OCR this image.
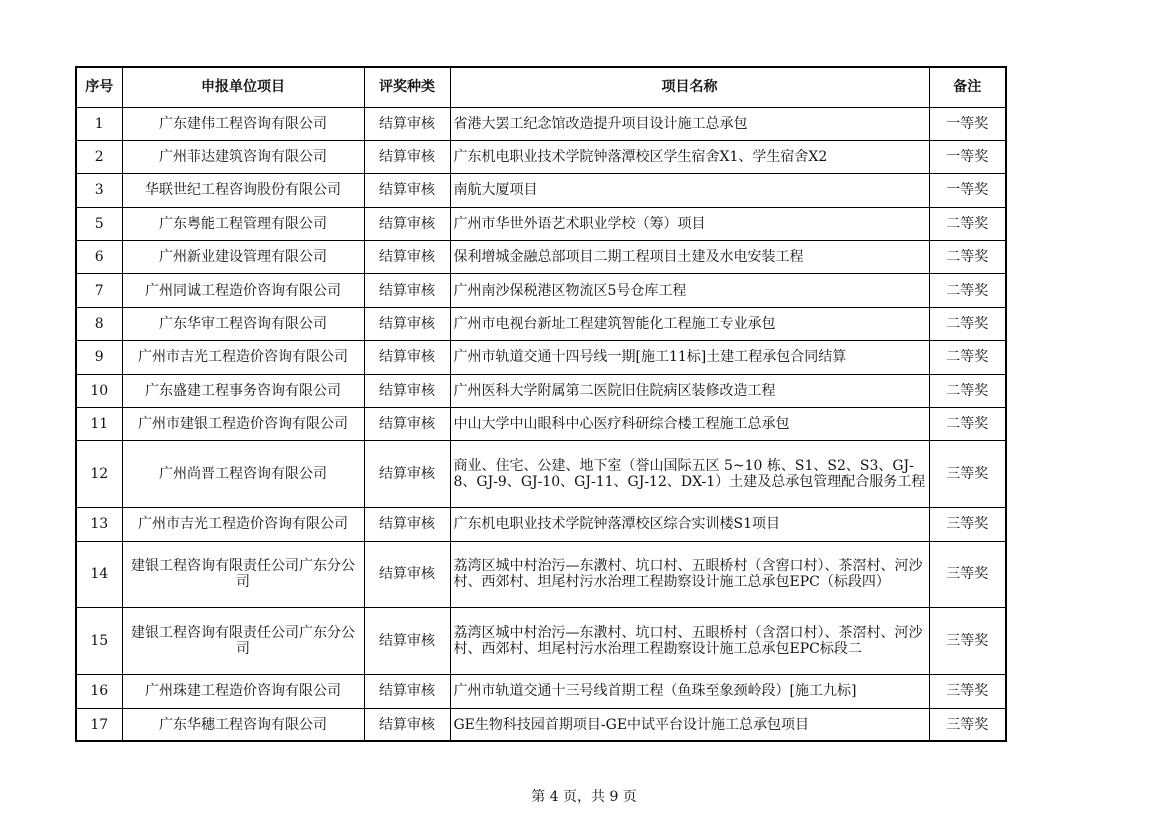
序号	申报单位项目	评奖种类	项目名称	备注
1	广东建伟工程咨询有限公司	结算审核	省港大罢工纪念馆改造提升项目设计施工总承包	一等奖
2	广州菲达建筑咨询有限公司	结算审核	广东机电职业技术学院钟落潭校区学生宿舍X1、学生宿舍X2	一等奖
3	华联世纪工程咨询股份有限公司	结算审核	南航大厦项目	一等奖
5	广东粤能工程管理有限公司	结算审核	广州市华世外语艺术职业学校（筹）项目	二等奖
6	广州新业建设管理有限公司	结算审核	保利增城金融总部项目二期工程项目土建及水电安装工程	二等奖
7	广州同诚工程造价咨询有限公司	结算审核	广州南沙保税港区物流区5号仓库工程	二等奖
8	广东华审工程咨询有限公司	结算审核	广州市电视台新址工程建筑智能化工程施工专业承包	二等奖
9	广州市吉光工程造价咨询有限公司	结算审核	广州市轨道交通十四号线一期[施工11标]土建工程承包合同结算	二等奖
10	广东盛建工程事务咨询有限公司	结算审核	广州医科大学附属第二医院旧住院病区装修改造工程	二等奖
11	广州市建银工程造价咨询有限公司	结算审核	中山大学中山眼科中心医疗科研综合楼工程施工总承包	二等奖
12	广州尚晋工程咨询有限公司	结算审核	商业、住宅、公建、地下室（誉山国际五区 5~10 栋、S1、S2、S3、GJ-8、GJ-9、GJ-10、GJ-11、GJ-12、DX-1）土建及总承包管理配合服务工程	三等奖
13	广州市吉光工程造价咨询有限公司	结算审核	广东机电职业技术学院钟落潭校区综合实训楼S1项目	三等奖
14	建银工程咨询有限责任公司广东分公司	结算审核	荔湾区城中村治污—东漖村、坑口村、五眼桥村（含窖口村）、茶滘村、河沙村、西郊村、坦尾村污水治理工程勘察设计施工总承包EPC（标段四）	三等奖
15	建银工程咨询有限责任公司广东分公司	结算审核	荔湾区城中村治污—东漖村、坑口村、五眼桥村（含滘口村）、茶滘村、河沙村、西郊村、坦尾村污水治理工程勘察设计施工总承包EPC标段二	三等奖
16	广州珠建工程造价咨询有限公司	结算审核	广州市轨道交通十三号线首期工程（鱼珠至象颈岭段）[施工九标]	三等奖
17	广东华穗工程咨询有限公司	结算审核	GE生物科技园首期项目-GE中试平台设计施工总承包项目	三等奖
第 4 页，共 9 页
